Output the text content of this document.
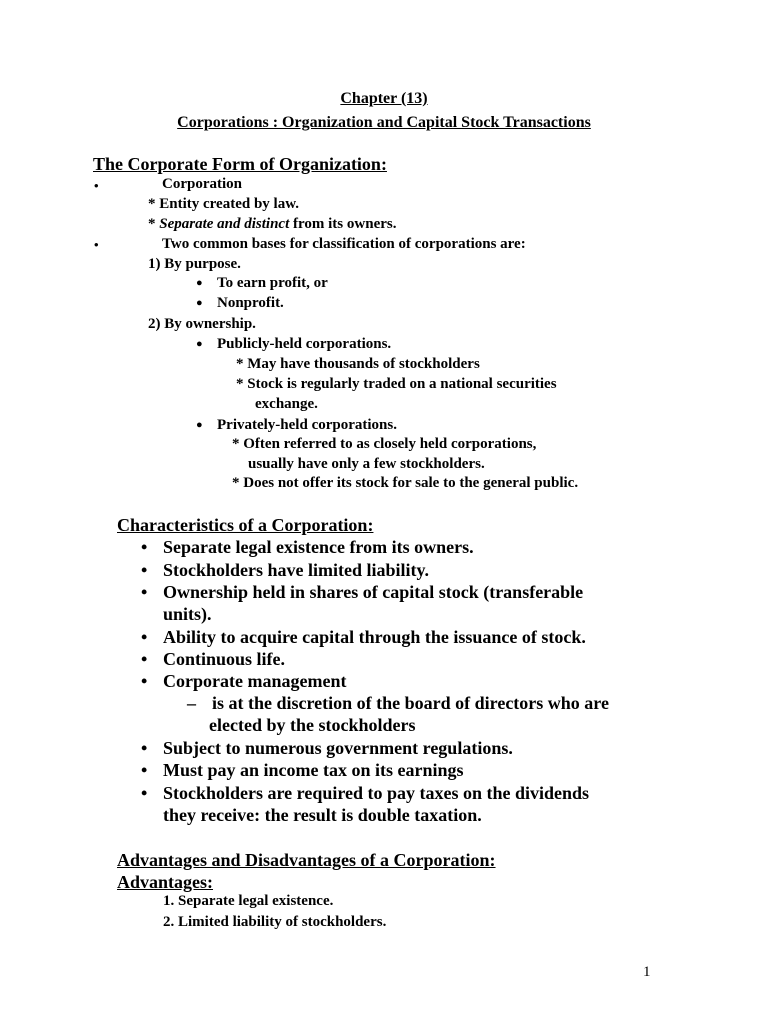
Chapter (13)
Corporations : Organization and Capital Stock Transactions
The Corporate Form of Organization:
•	Corporation
* Entity created by law.
* Separate and distinct from its owners.
•	Two common bases for classification of corporations are:
1) By purpose.
● To earn profit, or
● Nonprofit.
2) By ownership.
● Publicly-held corporations.
* May have thousands of stockholders
* Stock is regularly traded on a national securities
exchange.
● Privately-held corporations.
* Often referred to as closely held corporations,
usually have only a few stockholders.
* Does not offer its stock for sale to the general public.
Characteristics of a Corporation:
• Separate legal existence from its owners.
• Stockholders have limited liability.
• Ownership held in shares of capital stock (transferable
units).
• Ability to acquire capital through the issuance of stock.
• Continuous life.
• Corporate management
– is at the discretion of the board of directors who are
elected by the stockholders
• Subject to numerous government regulations.
• Must pay an income tax on its earnings
• Stockholders are required to pay taxes on the dividends
they receive: the result is double taxation.
Advantages and Disadvantages of a Corporation:
Advantages:
1. Separate legal existence.
2. Limited liability of stockholders.
1
